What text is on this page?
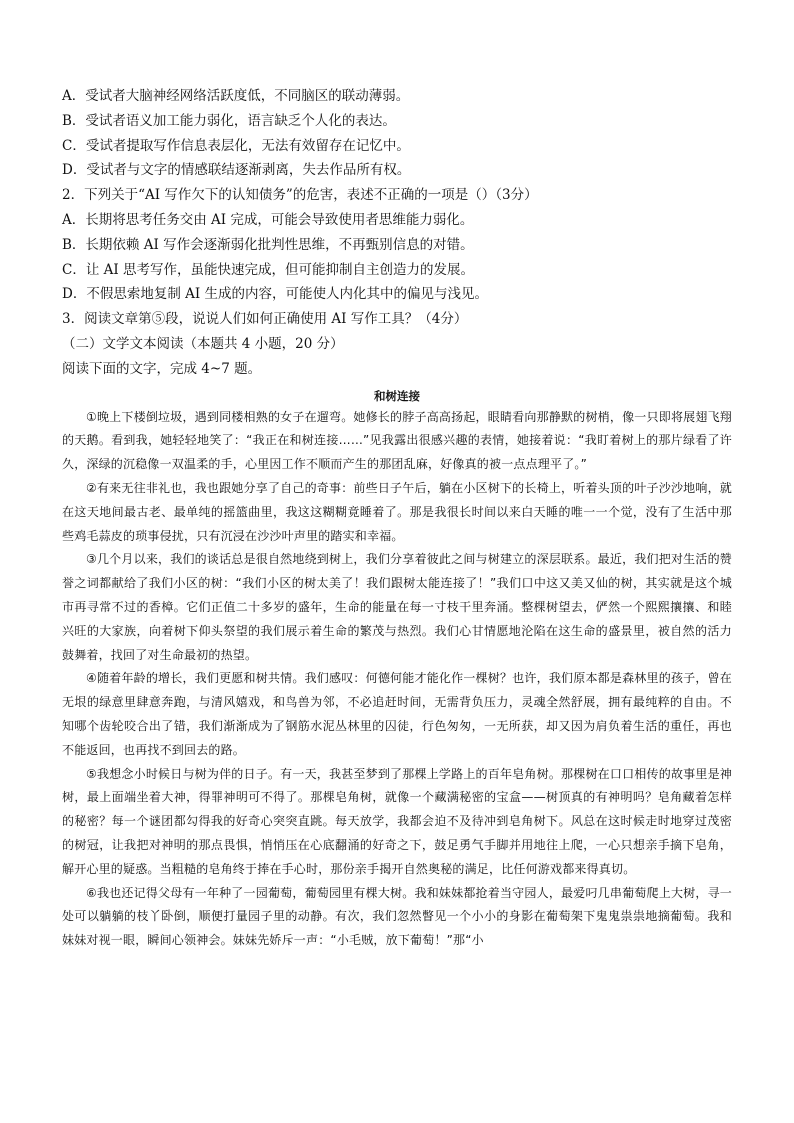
A．受试者大脑神经网络活跃度低，不同脑区的联动薄弱。
B．受试者语义加工能力弱化，语言缺乏个人化的表达。
C．受试者提取写作信息表层化，无法有效留存在记忆中。
D．受试者与文字的情感联结逐渐剥离，失去作品所有权。
2．下列关于“AI 写作欠下的认知债务”的危害，表述不正确的一项是（）（3分）
A．长期将思考任务交由 AI 完成，可能会导致使用者思维能力弱化。
B．长期依赖 AI 写作会逐渐弱化批判性思维，不再甄别信息的对错。
C．让 AI 思考写作，虽能快速完成，但可能抑制自主创造力的发展。
D．不假思索地复制 AI 生成的内容，可能使人内化其中的偏见与浅见。
3．阅读文章第⑤段，说说人们如何正确使用 AI 写作工具？（4分）
（二）文学文本阅读（本题共 4 小题，20 分）
阅读下面的文字，完成 4~7 题。
和树连接

①晚上下楼倒垃圾，遇到同楼相熟的女子在遛弯。她修长的脖子高高扬起，眼睛看向那静默的树梢，像一只即将展翅飞翔的天鹅。看到我，她轻轻地笑了：“我正在和树连接……”见我露出很感兴趣的表情，她接着说：“我盯着树上的那片绿看了许久，深绿的沉稳像一双温柔的手，心里因工作不顺而产生的那团乱麻，好像真的被一点点理平了。”

②有来无往非礼也，我也跟她分享了自己的奇事：前些日子午后，躺在小区树下的长椅上，听着头顶的叶子沙沙地响，就在这天地间最古老、最单纯的摇篮曲里，我这这糊糊竟睡着了。那是我很长时间以来白天睡的唯一一个觉，没有了生活中那些鸡毛蒜皮的琐事侵扰，只有沉浸在沙沙叶声里的踏实和幸福。

③几个月以来，我们的谈话总是很自然地绕到树上，我们分享着彼此之间与树建立的深层联系。最近，我们把对生活的赞誉之词都献给了我们小区的树：“我们小区的树太美了！我们跟树太能连接了！”我们口中这又美又仙的树，其实就是这个城市再寻常不过的香樟。它们正值二十多岁的盛年，生命的能量在每一寸枝干里奔涌。整棵树望去，俨然一个熙熙攘攘、和睦兴旺的大家族，向着树下仰头祭望的我们展示着生命的繁茂与热烈。我们心甘情愿地沦陷在这生命的盛景里，被自然的活力鼓舞着，找回了对生命最初的热望。

④随着年龄的增长，我们更愿和树共情。我们感叹：何德何能才能化作一棵树？也许，我们原本都是森林里的孩子，曾在无垠的绿意里肆意奔跑，与清风嬉戏，和鸟兽为邻，不必追赶时间，无需背负压力，灵魂全然舒展，拥有最纯粹的自由。不知哪个齿轮咬合出了错，我们渐渐成为了钢筋水泥丛林里的囚徒，行色匆匆，一无所获，却又因为肩负着生活的重任，再也不能返回，也再找不到回去的路。

⑤我想念小时候日与树为伴的日子。有一天，我甚至梦到了那棵上学路上的百年皂角树。那棵树在口口相传的故事里是神树，最上面端坐着大神，得罪神明可不得了。那棵皂角树，就像一个藏满秘密的宝盒——树顶真的有神明吗？皂角藏着怎样的秘密？每一个谜团都勾得我的好奇心突突直跳。每天放学，我都会迫不及待冲到皂角树下。风总在这时候走时地穿过茂密的树冠，让我把对神明的那点畏惧，悄悄压在心底翻涌的好奇之下，鼓足勇气手脚并用地往上爬，一心只想亲手摘下皂角，解开心里的疑惑。当粗糙的皂角终于捧在手心时，那份亲手揭开自然奥秘的满足，比任何游戏都来得真切。

⑥我也还记得父母有一年种了一园葡萄，葡萄园里有棵大树。我和妹妹都抢着当守园人，最爱叼几串葡萄爬上大树，寻一处可以躺躺的枝丫卧倒，顺便打量园子里的动静。有次，我们忽然瞥见一个小小的身影在葡萄架下鬼鬼祟祟地摘葡萄。我和妹妹对视一眼，瞬间心领神会。妹妹先娇斥一声：“小毛贼，放下葡萄！”那“小
